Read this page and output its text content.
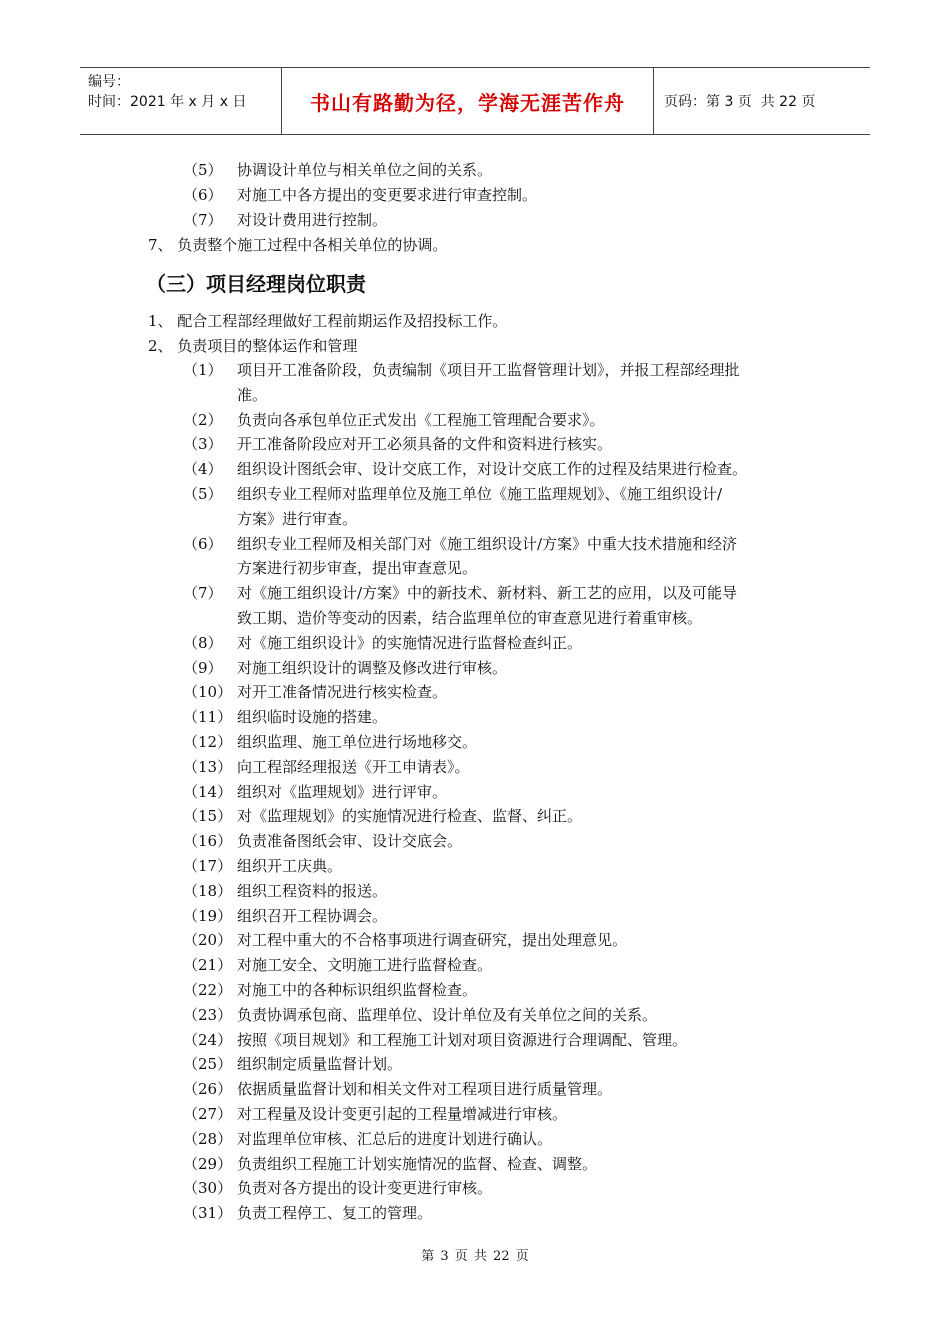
编号：
时间：2021 年 x 月 x 日	书山有路勤为径，学海无涯苦作舟	页码：第 3 页  共 22 页
（5） 协调设计单位与相关单位之间的关系。
（6） 对施工中各方提出的变更要求进行审查控制。
（7） 对设计费用进行控制。
7、 负责整个施工过程中各相关单位的协调。
（三）项目经理岗位职责
1、 配合工程部经理做好工程前期运作及招投标工作。
2、 负责项目的整体运作和管理
（1） 项目开工准备阶段，负责编制《项目开工监督管理计划》，并报工程部经理批
准。
（2） 负责向各承包单位正式发出《工程施工管理配合要求》。
（3） 开工准备阶段应对开工必须具备的文件和资料进行核实。
（4） 组织设计图纸会审、设计交底工作，对设计交底工作的过程及结果进行检查。
（5） 组织专业工程师对监理单位及施工单位《施工监理规划》、《施工组织设计/
方案》进行审查。
（6） 组织专业工程师及相关部门对《施工组织设计/方案》中重大技术措施和经济
方案进行初步审查，提出审查意见。
（7） 对《施工组织设计/方案》中的新技术、新材料、新工艺的应用，以及可能导
致工期、造价等变动的因素，结合监理单位的审查意见进行着重审核。
（8） 对《施工组织设计》的实施情况进行监督检查纠正。
（9） 对施工组织设计的调整及修改进行审核。
（10） 对开工准备情况进行核实检查。
（11） 组织临时设施的搭建。
（12） 组织监理、施工单位进行场地移交。
（13） 向工程部经理报送《开工申请表》。
（14） 组织对《监理规划》进行评审。
（15） 对《监理规划》的实施情况进行检查、监督、纠正。
（16） 负责准备图纸会审、设计交底会。
（17） 组织开工庆典。
（18） 组织工程资料的报送。
（19） 组织召开工程协调会。
（20） 对工程中重大的不合格事项进行调查研究，提出处理意见。
（21） 对施工安全、文明施工进行监督检查。
（22） 对施工中的各种标识组织监督检查。
（23） 负责协调承包商、监理单位、设计单位及有关单位之间的关系。
（24） 按照《项目规划》和工程施工计划对项目资源进行合理调配、管理。
（25） 组织制定质量监督计划。
（26） 依据质量监督计划和相关文件对工程项目进行质量管理。
（27） 对工程量及设计变更引起的工程量增减进行审核。
（28） 对监理单位审核、汇总后的进度计划进行确认。
（29） 负责组织工程施工计划实施情况的监督、检查、调整。
（30） 负责对各方提出的设计变更进行审核。
（31） 负责工程停工、复工的管理。
第 3 页 共 22 页
